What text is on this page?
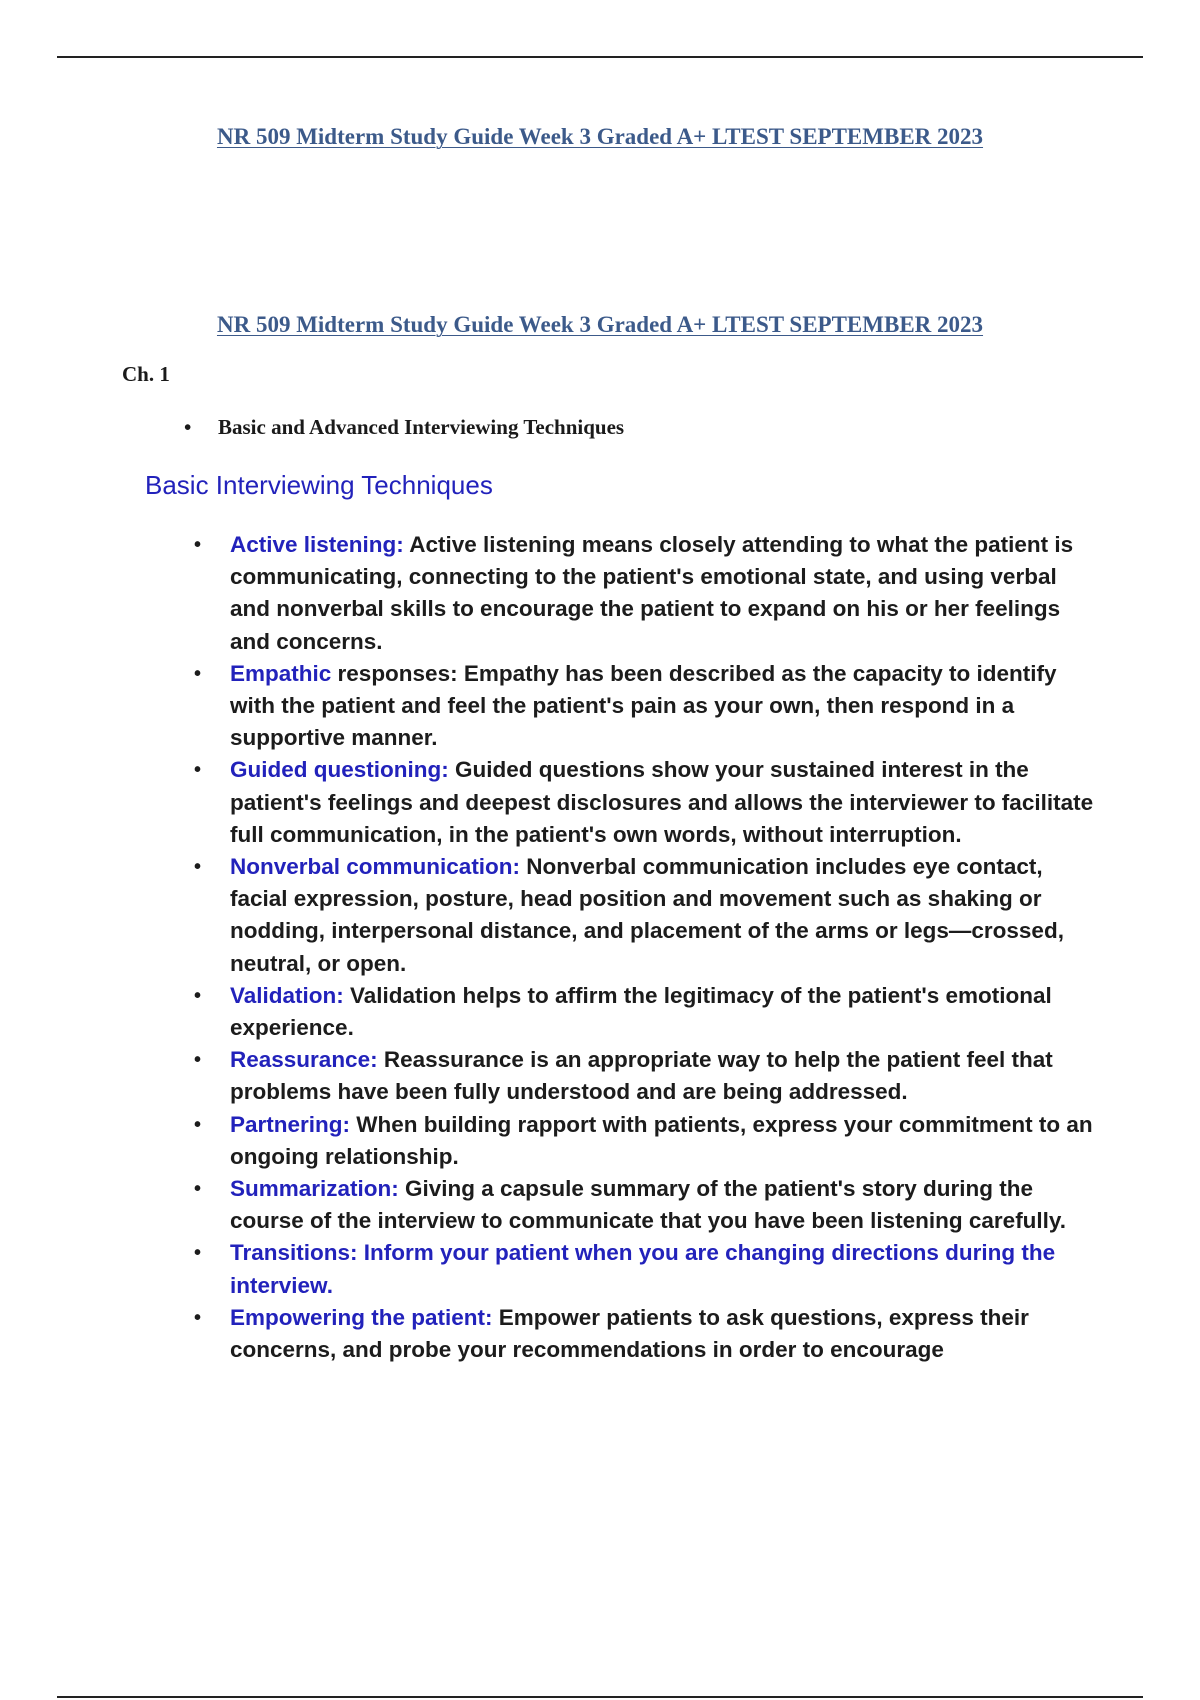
NR 509 Midterm Study Guide Week 3 Graded A+ LTEST SEPTEMBER 2023
NR 509 Midterm Study Guide Week 3 Graded A+ LTEST SEPTEMBER 2023
Ch. 1
• Basic and Advanced Interviewing Techniques
Basic Interviewing Techniques
• Active listening: Active listening means closely attending to what the patient is communicating, connecting to the patient's emotional state, and using verbal and nonverbal skills to encourage the patient to expand on his or her feelings and concerns.
• Empathic responses: Empathy has been described as the capacity to identify with the patient and feel the patient's pain as your own, then respond in a supportive manner.
• Guided questioning: Guided questions show your sustained interest in the patient's feelings and deepest disclosures and allows the interviewer to facilitate full communication, in the patient's own words, without interruption.
• Nonverbal communication: Nonverbal communication includes eye contact, facial expression, posture, head position and movement such as shaking or nodding, interpersonal distance, and placement of the arms or legs—crossed, neutral, or open.
• Validation: Validation helps to affirm the legitimacy of the patient's emotional experience.
• Reassurance: Reassurance is an appropriate way to help the patient feel that problems have been fully understood and are being addressed.
• Partnering: When building rapport with patients, express your commitment to an ongoing relationship.
• Summarization: Giving a capsule summary of the patient's story during the course of the interview to communicate that you have been listening carefully.
• Transitions: Inform your patient when you are changing directions during the interview.
• Empowering the patient: Empower patients to ask questions, express their concerns, and probe your recommendations in order to encourage
